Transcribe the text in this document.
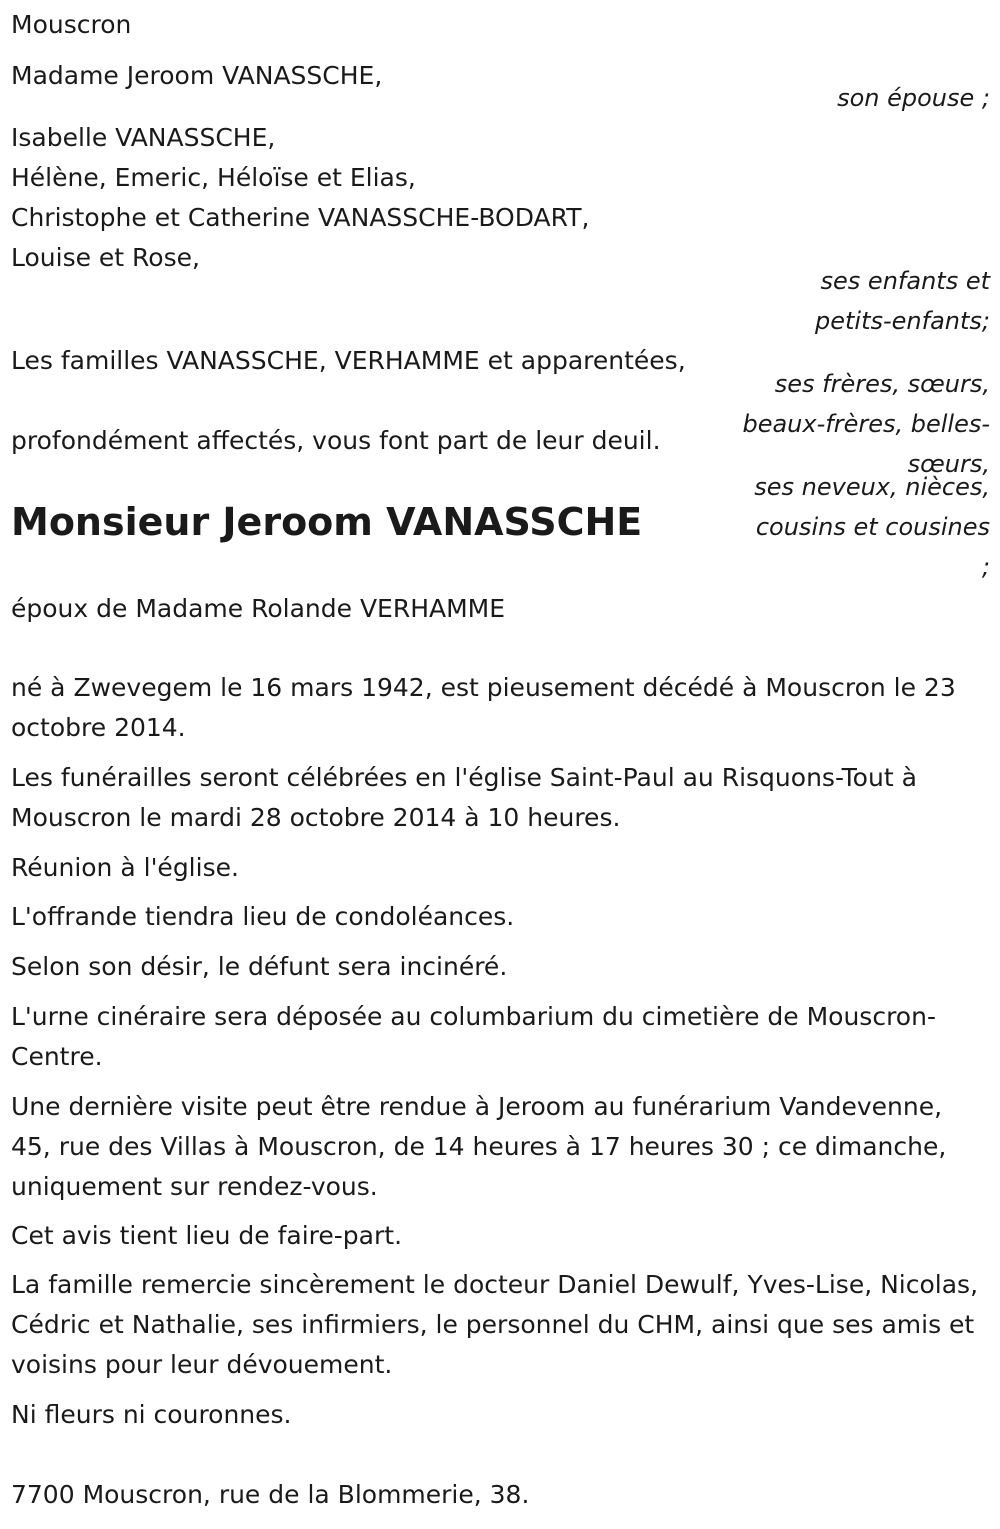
Mouscron
Madame Jeroom VANASSCHE,
son épouse ;
Isabelle VANASSCHE,
Hélène, Emeric, Héloïse et Elias,
Christophe et Catherine VANASSCHE-BODART,
Louise et Rose,
ses enfants et
petits-enfants;
Les familles VANASSCHE, VERHAMME et apparentées,
ses frères, sœurs,
beaux-frères, belles-
profondément affectés, vous font part de leur deuil.
sœurs,
ses neveux, nièces,
cousins et cousines
;
Monsieur Jeroom VANASSCHE
époux de Madame Rolande VERHAMME
né à Zwevegem le 16 mars 1942, est pieusement décédé à Mouscron le 23 octobre 2014.
Les funérailles seront célébrées en l'église Saint-Paul au Risquons-Tout à Mouscron le mardi 28 octobre 2014 à 10 heures.
Réunion à l'église.
L'offrande tiendra lieu de condoléances.
Selon son désir, le défunt sera incinéré.
L'urne cinéraire sera déposée au columbarium du cimetière de Mouscron-Centre.
Une dernière visite peut être rendue à Jeroom au funérarium Vandevenne, 45, rue des Villas à Mouscron, de 14 heures à 17 heures 30 ; ce dimanche, uniquement sur rendez-vous.
Cet avis tient lieu de faire-part.
La famille remercie sincèrement le docteur Daniel Dewulf, Yves-Lise, Nicolas, Cédric et Nathalie, ses infirmiers, le personnel du CHM, ainsi que ses amis et voisins pour leur dévouement.
Ni fleurs ni couronnes.
7700 Mouscron, rue de la Blommerie, 38.
